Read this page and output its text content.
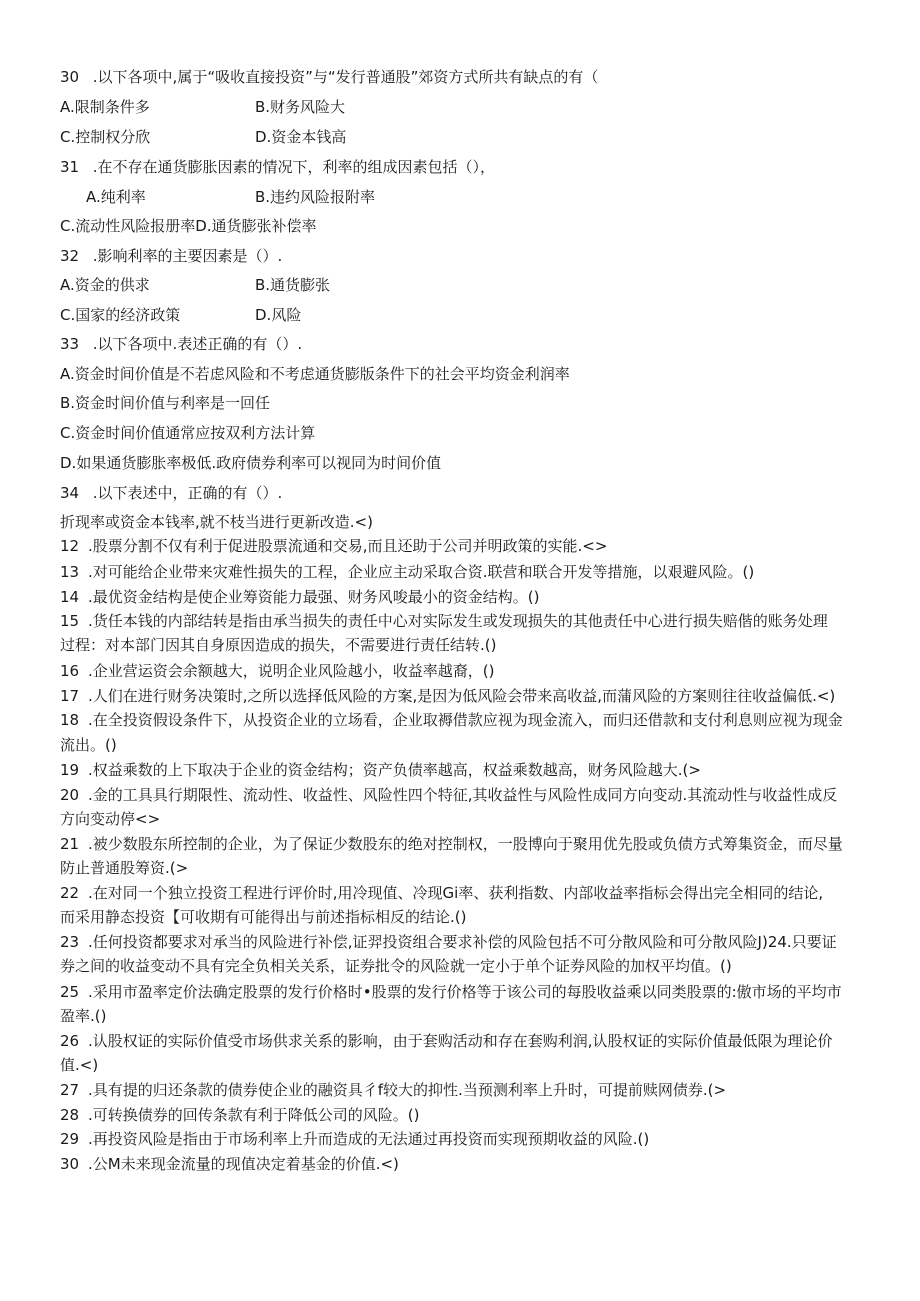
30 .以下各项中,属于“吸收直接投资”与“发行普通股”郊资方式所共有缺点的有（
A.限制条件多	B.财务风险大
C.控制权分欣	D.资金本钱高
31 .在不存在通货膨胀因素的情况下，利率的组成因素包括（），
A.纯利率	B.违约风险报附率
C.流动性风险报册率D.通货膨张补偿率
32 .影响利率的主要因素是（）.
A.资金的供求	B.通货膨张
C.国家的经济政策	D.风险
33 .以下各项中.表述正确的有（）.
A.资金时间价值是不若虑风险和不考虑通货膨版条件下的社会平均资金利润率
B.资金时间价值与利率是一回任
C.资金时间价值通常应按双利方法计算
D.如果通货膨胀率极低.政府债券利率可以视同为时间价值
34 .以下表述中，正确的有（）.
折现率或资金本钱率,就不枝当进行更新改造.<)
12 .股票分割不仅有利于促进股票流通和交易,而且还助于公司并明政策的实能.<>
13 .对可能给企业带来灾难性损失的工程，企业应主动采取合资.联营和联合开发等措施，以艰避风险。()
14 .最优资金结构是使企业筹资能力最强、财务风唆最小的资金结构。()
15 .货任本钱的内部结转是指由承当损失的责任中心对实际发生或发现损失的其他责任中心进行损失赔偕的账务处理
过程：对本部门因其自身原因造成的损失，不需要进行责任结转.()
16 .企业营运资会余额越大，说明企业风险越小，收益率越裔，()
17 .人们在进行财务决策时,之所以选择低风险的方案,是因为低风险会带来高收益,而蒲风险的方案则往往收益偏低.<)
18 .在全投资假设条件下，从投资企业的立场看，企业取褥借款应视为现金流入，而归还借款和支付利息则应视为现金
流出。()
19 .权益乘数的上下取决于企业的资金结构；资产负债率越高，权益乘数越高，财务风险越大.(>
20 .金的工具具行期限性、流动性、收益性、风险性四个特征,其收益性与风险性成同方向变动.其流动性与收益性成反
方向变动停<>
21 .被少数股东所控制的企业，为了保证少数股东的绝对控制权，一股博向于聚用优先股或负债方式筹集资金，而尽量
防止普通股筹资.(>
22 .在对同一个独立投资工程进行评价时,用冷现值、冷现Gi率、获利指数、内部收益率指标会得出完全相同的结论,
而采用静态投资【可收期有可能得出与前述指标相反的结论.()
23 .任何投资都要求对承当的风险进行补偿,证羿投资组合要求补偿的风险包括不可分散风险和可分散风险J)24.只要证
券之间的收益变动不具有完全负相关关系，证券批令的风险就一定小于单个证券风险的加权平均值。()
25 .采用市盈率定价法确定股票的发行价格时•股票的发行价格等于该公司的每股收益乘以同类股票的:傲市场的平均市
盈率.()
26 .认股权证的实际价值受市场供求关系的影响，由于套购活动和存在套购利润,认股权证的实际价值最低限为理论价
值.<)
27 .具有提的归还条款的债券使企业的融资具彳f较大的抑性.当预测利率上升时，可提前赎网债券.(>
28 .可转换债券的回传条款有利于降低公司的风险。()
29 .再投资风险是指由于市场利率上升而造成的无法通过再投资而实现预期收益的风险.()
30 .公M未来现金流量的现值决定着基金的价值.<)
